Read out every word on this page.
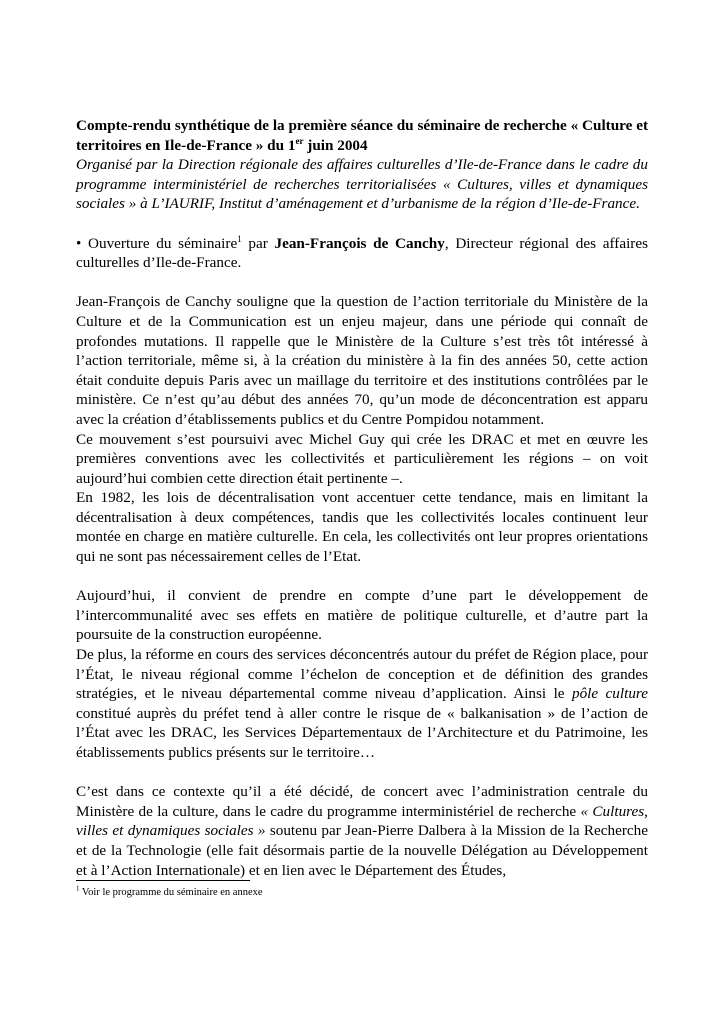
Compte-rendu synthétique de la première séance du séminaire de recherche « Culture et territoires en Ile-de-France » du 1er juin 2004

Organisé par la Direction régionale des affaires culturelles d’Ile-de-France dans le cadre du programme interministériel de recherches territorialisées « Cultures, villes et dynamiques sociales » à L’IAURIF, Institut d’aménagement et d’urbanisme de la région d’Ile-de-France.

• Ouverture du séminaire$^1$ par Jean-François de Canchy, Directeur régional des affaires culturelles d’Ile-de-France.

Jean-François de Canchy souligne que la question de l’action territoriale du Ministère de la Culture et de la Communication est un enjeu majeur, dans une période qui connaît de profondes mutations. Il rappelle que le Ministère de la Culture s’est très tôt intéressé à l’action territoriale, même si, à la création du ministère à la fin des années 50, cette action était conduite depuis Paris avec un maillage du territoire et des institutions contrôlées par le ministère. Ce n’est qu’au début des années 70, qu’un mode de déconcentration est apparu avec la création d’établissements publics et du Centre Pompidou notamment.

Ce mouvement s’est poursuivi avec Michel Guy qui crée les DRAC et met en œuvre les premières conventions avec les collectivités et particulièrement les régions – on voit aujourd’hui combien cette direction était pertinente –.

En 1982, les lois de décentralisation vont accentuer cette tendance, mais en limitant la décentralisation à deux compétences, tandis que les collectivités locales continuent leur montée en charge en matière culturelle. En cela, les collectivités ont leur propres orientations qui ne sont pas nécessairement celles de l’Etat.

Aujourd’hui, il convient de prendre en compte d’une part le développement de l’intercommunalité avec ses effets en matière de politique culturelle, et d’autre part la poursuite de la construction européenne.

De plus, la réforme en cours des services déconcentrés autour du préfet de Région place, pour l’État, le niveau régional comme l’échelon de conception et de définition des grandes stratégies, et le niveau départemental comme niveau d’application. Ainsi le pôle culture constitué auprès du préfet tend à aller contre le risque de « balkanisation » de l’action de l’État avec les DRAC, les Services Départementaux de l’Architecture et du Patrimoine, les établissements publics présents sur le territoire…

C’est dans ce contexte qu’il a été décidé, de concert avec l’administration centrale du Ministère de la culture, dans le cadre du programme interministériel de recherche « Cultures, villes et dynamiques sociales » soutenu par Jean-Pierre Dalbera à la Mission de la Recherche et de la Technologie (elle fait désormais partie de la nouvelle Délégation au Développement et à l’Action Internationale) et en lien avec le Département des Études,

$^1$ Voir le programme du séminaire en annexe
